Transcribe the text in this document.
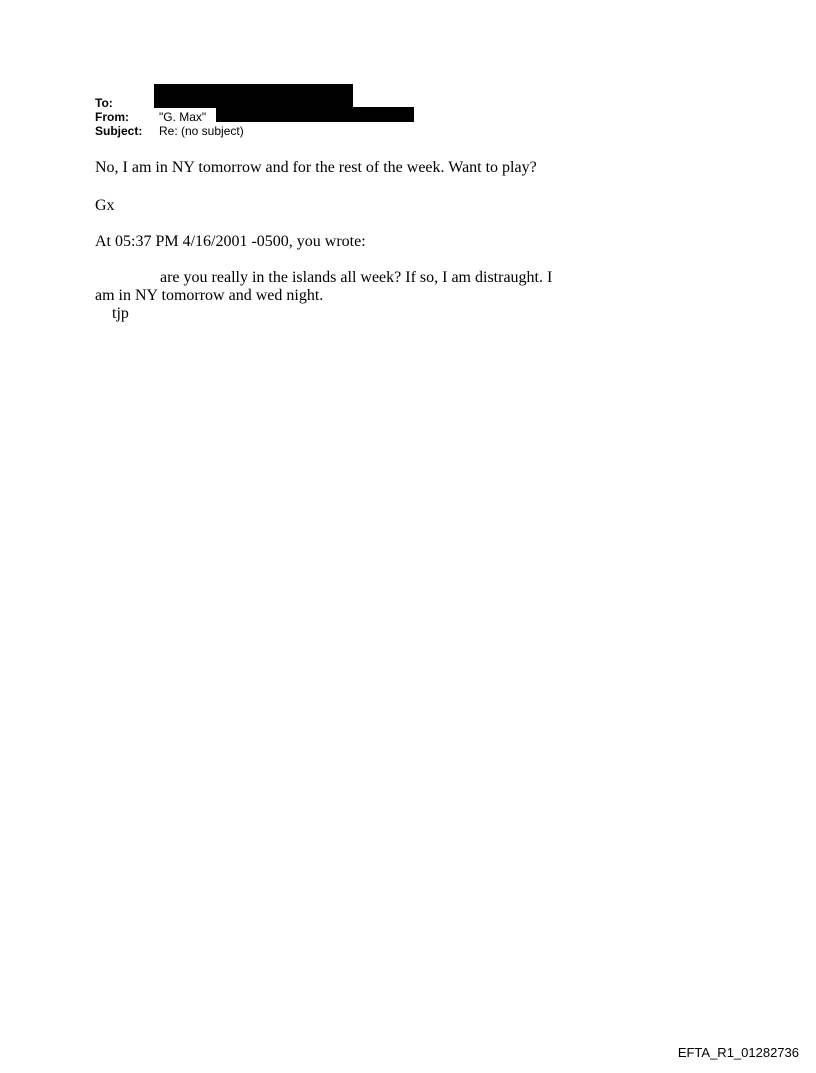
To:
From:	"G. Max"
Subject:	Re: (no subject)
No, I am in NY tomorrow and for the rest of the week. Want to play?
Gx
At 05:37 PM 4/16/2001 -0500, you wrote:
are you really in the islands all week? If so, I am distraught. I
am in NY tomorrow and wed night.
tjp
EFTA_R1_01282736
